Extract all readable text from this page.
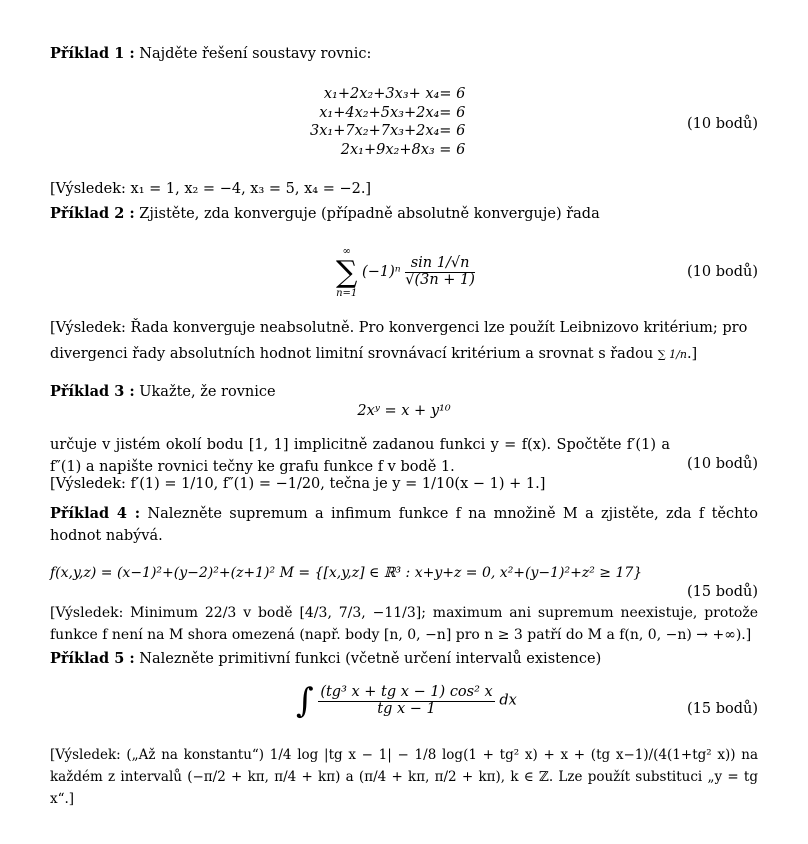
Příklad 1 : Najděte řešení soustavy rovnic:
x₁+2x₂+3x₃+ x₄= 6
x₁+4x₂+5x₃+2x₄= 6
3x₁+7x₂+7x₃+2x₄= 6
2x₁+9x₂+8x₃ = 6
(10 bodů)
[Výsledek: x₁ = 1, x₂ = −4, x₃ = 5, x₄ = −2.]
Příklad 2 : Zjistěte, zda konverguje (případně absolutně konverguje) řada
∞
∑
n=1
$(-1)^n \frac{\sin 1/√n}{√(3n + 1)}$	(10 bodů)
[Výsledek: Řada konverguje neabsolutně. Pro konvergenci lze použít Leibnizovo kritérium; pro
divergenci řady absolutních hodnot limitní srovnávací kritérium a srovnat s řadou ∑ 1/n.]
Příklad 3 : Ukažte, že rovnice
2xʸ = x + y¹⁰
určuje v jistém okolí bodu [1, 1] implicitně zadanou funkci y = f(x). Spočtěte f′(1) a f″(1) a napište rovnici tečny ke grafu funkce f v bodě 1.	(10 bodů)
[Výsledek: f′(1) = 1/10, f″(1) = −1/20, tečna je y = 1/10(x − 1) + 1.]
Příklad 4 : Nalezněte supremum a infimum funkce f na množině M a zjistěte, zda f těchto hodnot nabývá.
f(x,y,z) = (x−1)²+(y−2)²+(z+1)² M = {[x,y,z] ∈ ℝ³ : x+y+z = 0, x²+(y−1)²+z² ≥ 17}
(15 bodů)
[Výsledek: Minimum 22/3 v bodě [4/3, 7/3, −11/3]; maximum ani supremum neexistuje, protože funkce f není na M shora omezená (např. body [n, 0, −n] pro n ≥ 3 patří do M a f(n, 0, −n) → +∞).]
Příklad 5 : Nalezněte primitivní funkci (včetně určení intervalů existence)
∫ $\frac{\text{(tg³ x + tg x − 1) cos² x}}{\text{tg x − 1}}$ dx
(15 bodů)
[Výsledek: („Až na konstantu“) 1/4 log |tg x − 1| − 1/8 log(1 + tg² x) + x + (tg x−1)/(4(1+tg² x)) na každém z intervalů (−π/2 + kπ, π/4 + kπ) a (π/4 + kπ, π/2 + kπ), k ∈ ℤ. Lze použít substituci „y = tg x“.]
